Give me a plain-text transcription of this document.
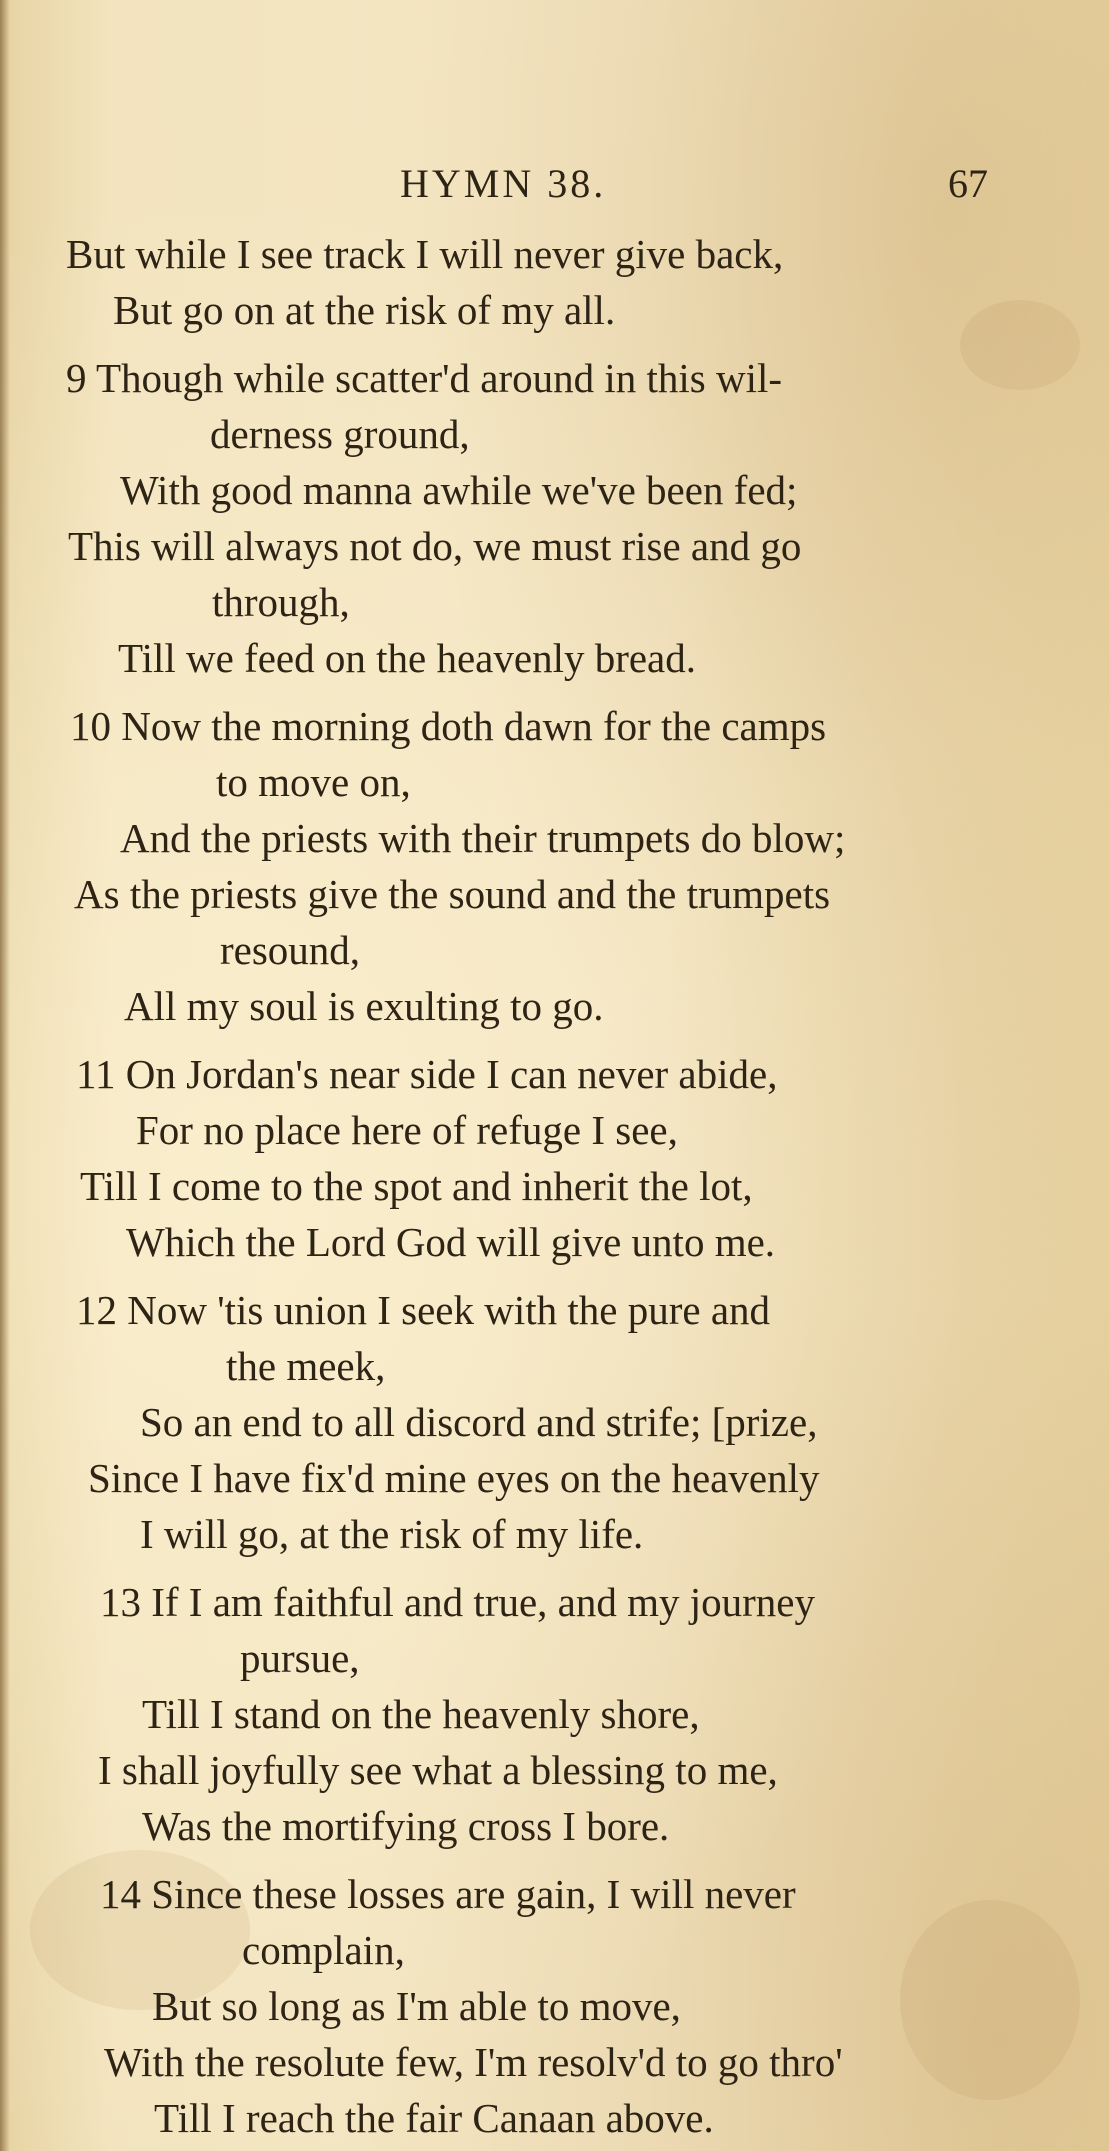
HYMN 38.	67
But while I see track I will never give back,
But go on at the risk of my all.
9 Though while scatter'd around in this wil-
derness ground,
With good manna awhile we've been fed;
This will always not do, we must rise and go
through,
Till we feed on the heavenly bread.
10 Now the morning doth dawn for the camps
to move on,
And the priests with their trumpets do blow;
As the priests give the sound and the trumpets
resound,
All my soul is exulting to go.
11 On Jordan's near side I can never abide,
For no place here of refuge I see,
Till I come to the spot and inherit the lot,
Which the Lord God will give unto me.
12 Now 'tis union I seek with the pure and
the meek,
So an end to all discord and strife; [prize,
Since I have fix'd mine eyes on the heavenly
I will go, at the risk of my life.
13 If I am faithful and true, and my journey
pursue,
Till I stand on the heavenly shore,
I shall joyfully see what a blessing to me,
Was the mortifying cross I bore.
14 Since these losses are gain, I will never
complain,
But so long as I'm able to move,
With the resolute few, I'm resolv'd to go thro'
Till I reach the fair Canaan above.
